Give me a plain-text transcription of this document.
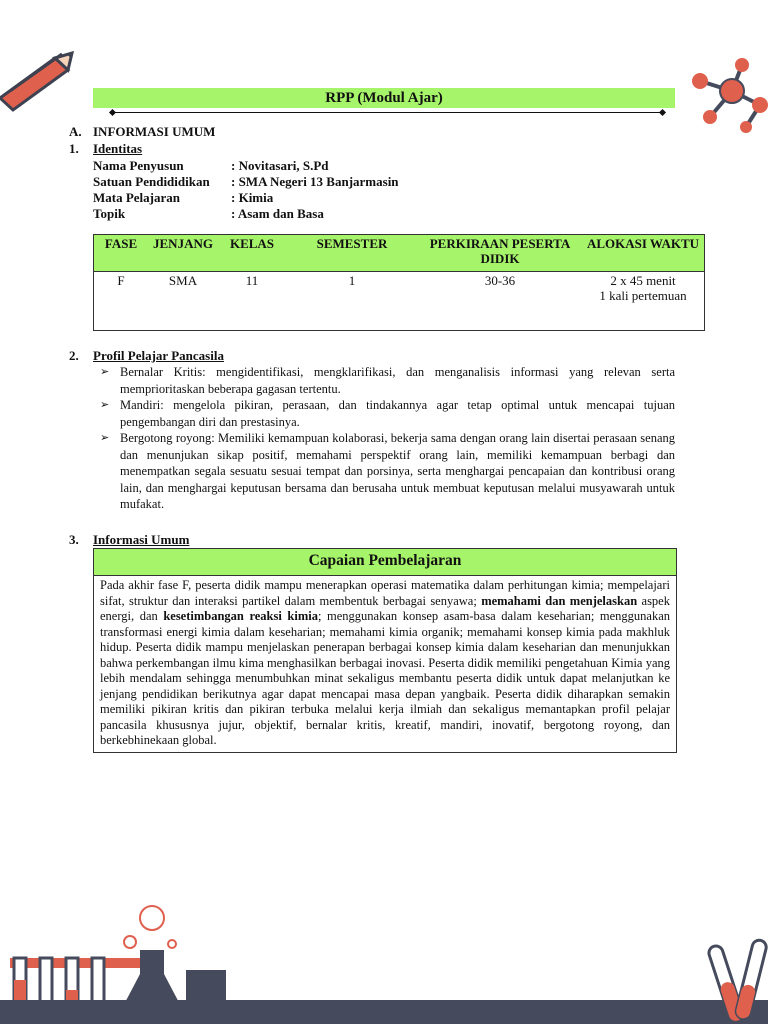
RPP (Modul Ajar)
A. INFORMASI UMUM
1. Identitas
Nama Penyusun	: Novitasari, S.Pd
Satuan Pendididikan : SMA Negeri 13 Banjarmasin
Mata Pelajaran	: Kimia
Topik	: Asam dan Basa
FASE	JENJANG	KELAS	SEMESTER	PERKIRAAN PESERTA DIDIK	ALOKASI WAKTU
F	SMA	11	1	30-36	2 x 45 menit
1 kali pertemuan
2. Profil Pelajar Pancasila
➢ Bernalar Kritis: mengidentifikasi, mengklarifikasi, dan menganalisis informasi yang relevan serta memprioritaskan beberapa gagasan tertentu.
➢ Mandiri: mengelola pikiran, perasaan, dan tindakannya agar tetap optimal untuk mencapai tujuan pengembangan diri dan prestasinya.
➢ Bergotong royong: Memiliki kemampuan kolaborasi, bekerja sama dengan orang lain disertai perasaan senang dan menunjukan sikap positif, memahami perspektif orang lain, memiliki kemampuan berbagi dan menempatkan segala sesuatu sesuai tempat dan porsinya, serta menghargai pencapaian dan kontribusi orang lain, dan menghargai keputusan bersama dan berusaha untuk membuat keputusan melalui musyawarah untuk mufakat.
3. Informasi Umum
Capaian Pembelajaran
Pada akhir fase F, peserta didik mampu menerapkan operasi matematika dalam perhitungan kimia; mempelajari sifat, struktur dan interaksi partikel dalam membentuk berbagai senyawa; memahami dan menjelaskan aspek energi, dan kesetimbangan reaksi kimia; menggunakan konsep asam-basa dalam keseharian; menggunakan transformasi energi kimia dalam keseharian; memahami kimia organik; memahami konsep kimia pada makhluk hidup. Peserta didik mampu menjelaskan penerapan berbagai konsep kimia dalam keseharian dan menunjukkan bahwa perkembangan ilmu kima menghasilkan berbagai inovasi. Peserta didik memiliki pengetahuan Kimia yang lebih mendalam sehingga menumbuhkan minat sekaligus membantu peserta didik untuk dapat melanjutkan ke jenjang pendidikan berikutnya agar dapat mencapai masa depan yangbaik. Peserta didik diharapkan semakin memiliki pikiran kritis dan pikiran terbuka melalui kerja ilmiah dan sekaligus memantapkan profil pelajar pancasila khususnya jujur, objektif, bernalar kritis, kreatif, mandiri, inovatif, bergotong royong, dan berkebhinekaan global.
